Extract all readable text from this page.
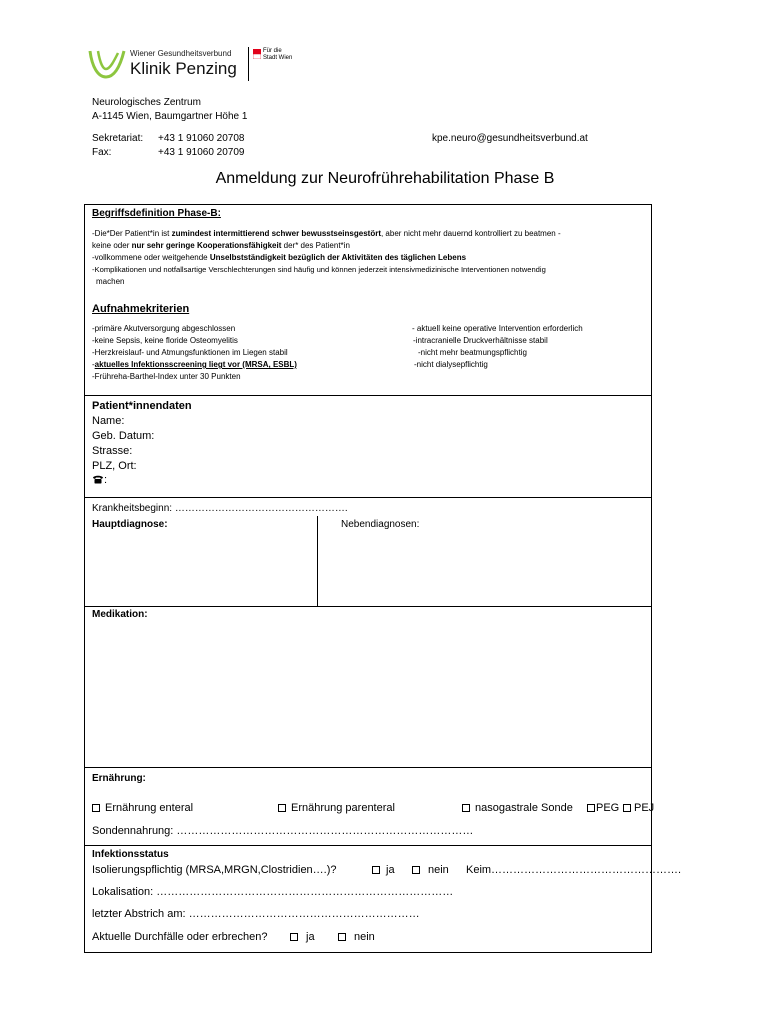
Wiener Gesundheitsverbund
Klinik Penzing
Für die
Stadt Wien
Neurologisches Zentrum
A-1145 Wien, Baumgartner Höhe 1
Sekretariat: +43 1 91060 20708
Fax:	+43 1 91060 20709
kpe.neuro@gesundheitsverbund.at
Anmeldung zur Neurofrührehabilitation Phase B
Begriffsdefinition Phase-B:
-Die*Der Patient*in ist zumindest intermittierend schwer bewusstseinsgestört, aber nicht mehr dauernd kontrolliert zu beatmen -
keine oder nur sehr geringe Kooperationsfähigkeit der* des Patient*in
-vollkommene oder weitgehende Unselbstständigkeit bezüglich der Aktivitäten des täglichen Lebens
-Komplikationen und notfallsartige Verschlechterungen sind häufig und können jederzeit intensivmedizinische Interventionen notwendig
machen
Aufnahmekriterien
-primäre Akutversorgung abgeschlossen
-keine Sepsis, keine floride Osteomyelitis
-Herzkreislauf- und Atmungsfunktionen im Liegen stabil
-aktuelles Infektionsscreening liegt vor (MRSA, ESBL)
-Frühreha-Barthel-Index unter 30 Punkten
- aktuell keine operative Intervention erforderlich
-intracranielle Druckverhältnisse stabil
-nicht mehr beatmungspflichtig
-nicht dialysepflichtig
Patient*innendaten
Name:
Geb. Datum:
Strasse:
PLZ, Ort:
:
Krankheitsbeginn: …………………………………………….
Hauptdiagnose:	Nebendiagnosen:
Medikation:
Ernährung:
Ernährung enteral	Ernährung parenteral	nasogastrale Sonde	PEG	PEJ
Sondennahrung: ………………………………………………………………………
Infektionsstatus
Isolierungspflichtig (MRSA,MRGN,Clostridien….)?	ja	nein Keim…………………………………………….
Lokalisation: ………………………………………………………………………
letzter Abstrich am: ………………………………………………………
Aktuelle Durchfälle oder erbrechen?	ja	nein
